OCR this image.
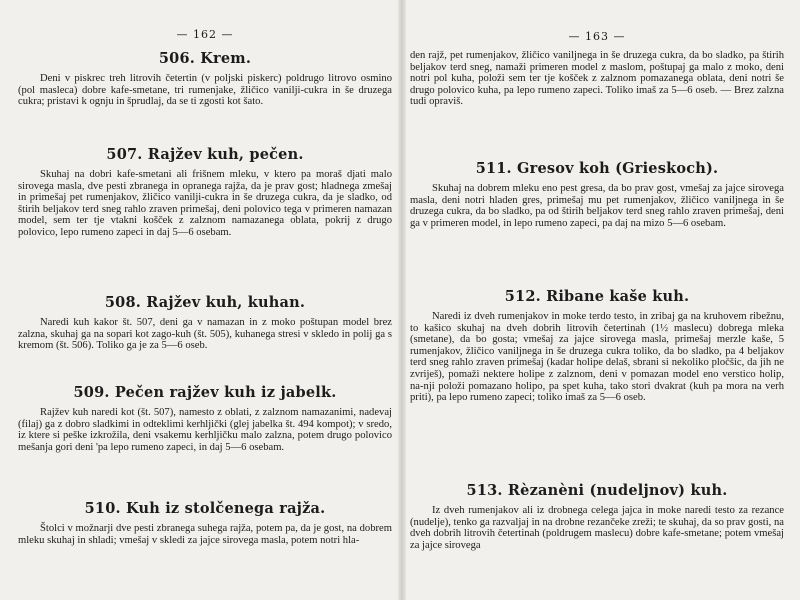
— 162 —
506. Krem.

Deni v piskrec treh litrovih četertin (v poljski piskerc) poldrugo litrovo osmino (pol masleca) dobre kafe-smetane, tri rumenjake, žličico vanilji-cukra in še druzega cukra; pristavi k ognju in šprudlaj, da se ti zgosti kot šato.

507. Rajžev kuh, pečen.

Skuhaj na dobri kafe-smetani ali frišnem mleku, v ktero pa moraš djati malo sirovega masla, dve pesti zbranega in opranega rajža, da je prav gost; hladnega zmešaj in primešaj pet rumenjakov, žličico vanilji-cukra in še druzega cukra, da je sladko, od štirih beljakov terd sneg rahlo zraven primešaj, deni polovico tega v primeren namazan model, sem ter tje vtakni košček z zalznom namazanega oblata, pokrij z drugo polovico, lepo rumeno zapeci in daj 5—6 osebam.

508. Rajžev kuh, kuhan.

Naredi kuh kakor št. 507, deni ga v namazan in z moko poštupan model brez zalzna, skuhaj ga na sopari kot zago-kuh (št. 505), kuhanega stresi v skledo in polij ga s kremom (št. 506). Toliko ga je za 5—6 oseb.

509. Pečen rajžev kuh iz jabelk.

Rajžev kuh naredi kot (št. 507), namesto z oblati, z zalznom namazanimi, nadevaj (filaj) ga z dobro sladkimi in odteklimi kerhljički (glej jabelka št. 494 kompot); v sredo, iz ktere si peške izkrožila, deni vsakemu kerhljičku malo zalzna, potem drugo polovico mešanja gori deni 'pa lepo rumeno zapeci, in daj 5—6 osebam.

510. Kuh iz stolčenega rajža.

Štolci v možnarji dve pesti zbranega suhega rajža, potem pa, da je gost, na dobrem mleku skuhaj in shladi; vmešaj v skledi za jajce sirovega masla, potem notri hla-

— 163 —

den rajž, pet rumenjakov, žličico vaniljnega in še druzega cukra, da bo sladko, pa štirih beljakov terd sneg, namaži primeren model z maslom, poštupaj ga malo z moko, deni notri pol kuha, položi sem ter tje košček z zalznom pomazanega oblata, deni notri še drugo polovico kuha, pa lepo rumeno zapeci. Toliko imaš za 5—6 oseb. — Brez zalzna tudi opraviš.

511. Gresov koh (Grieskoch).

Skuhaj na dobrem mleku eno pest gresa, da bo prav gost, vmešaj za jajce sirovega masla, deni notri hladen gres, primešaj mu pet rumenjakov, žličico vaniljnega in še druzega cukra, da bo sladko, pa od štirih beljakov terd sneg rahlo zraven primešaj, deni ga v primeren model, in lepo rumeno zapeci, pa daj na mizo 5—6 osebam.

512. Ribane kaše kuh.

Naredi iz dveh rumenjakov in moke terdo testo, in zribaj ga na kruhovem ribežnu, to kašico skuhaj na dveh dobrih litrovih četertinah (1½ maslecu) dobrega mleka (smetane), da bo gosta; vmešaj za jajce sirovega masla, primešaj merzle kaše, 5 rumenjakov, žličico vaniljnega in še druzega cukra toliko, da bo sladko, pa 4 beljakov terd sneg rahlo zraven primešaj (kadar holipe delaš, sbrani si nekoliko pločšic, da jih ne zvriješ), pomaži nektere holipe z zalznom, deni v pomazan model eno verstico holip, na-nji položi pomazano holipo, pa spet kuha, tako stori dvakrat (kuh pa mora na verh priti), pa lepo rumeno zapeci; toliko imaš za 5—6 oseb.

513. Rèzanèni (nudeljnov) kuh.

Iz dveh rumenjakov ali iz drobnega celega jajca in moke naredi testo za rezance (nudelje), tenko ga razvaljaj in na drobne rezančeke zreži; te skuhaj, da so prav gosti, na dveh dobrih litrovih četertinah (poldrugem maslecu) dobre kafe-smetane; potem vmešaj za jajce sirovega
